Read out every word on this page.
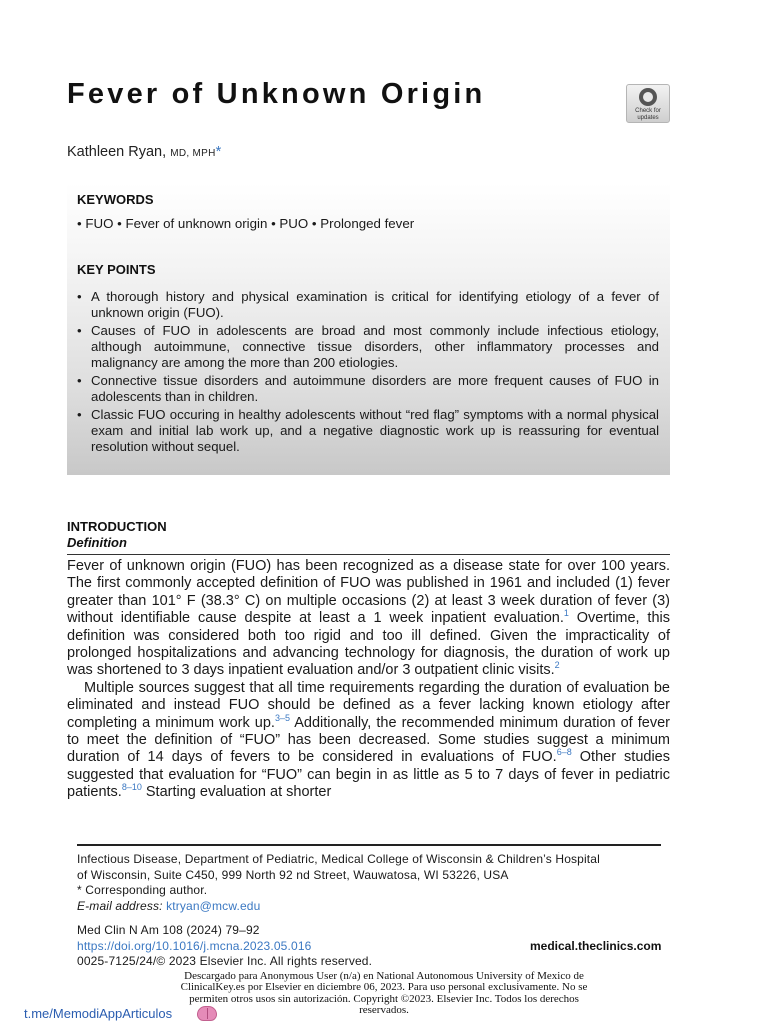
Fever of Unknown Origin
Check for
updates
Kathleen Ryan, MD, MPH*
KEYWORDS
• FUO • Fever of unknown origin • PUO • Prolonged fever
KEY POINTS
• A thorough history and physical examination is critical for identifying etiology of a fever of unknown origin (FUO).
• Causes of FUO in adolescents are broad and most commonly include infectious etiology, although autoimmune, connective tissue disorders, other inflammatory processes and malignancy are among the more than 200 etiologies.
• Connective tissue disorders and autoimmune disorders are more frequent causes of FUO in adolescents than in children.
• Classic FUO occuring in healthy adolescents without “red flag” symptoms with a normal physical exam and initial lab work up, and a negative diagnostic work up is reassuring for eventual resolution without sequel.
INTRODUCTION
Definition

Fever of unknown origin (FUO) has been recognized as a disease state for over 100 years. The first commonly accepted definition of FUO was published in 1961 and included (1) fever greater than 101° F (38.3° C) on multiple occasions (2) at least 3 week duration of fever (3) without identifiable cause despite at least a 1 week inpatient evaluation.$^1$ Overtime, this definition was considered both too rigid and too ill defined. Given the impracticality of prolonged hospitalizations and advancing technology for diagnosis, the duration of work up was shortened to 3 days inpatient evaluation and/or 3 outpatient clinic visits.$^2$

Multiple sources suggest that all time requirements regarding the duration of evaluation be eliminated and instead FUO should be defined as a fever lacking known etiology after completing a minimum work up.$^{3-5}$ Additionally, the recommended minimum duration of fever to meet the definition of “FUO” has been decreased. Some studies suggest a minimum duration of 14 days of fevers to be considered in evaluations of FUO.$^{6-8}$ Other studies suggested that evaluation for “FUO” can begin in as little as 5 to 7 days of fever in pediatric patients.$^{8-10}$ Starting evaluation at shorter

Infectious Disease, Department of Pediatric, Medical College of Wisconsin & Children’s Hospital
of Wisconsin, Suite C450, 999 North 92 nd Street, Wauwatosa, WI 53226, USA
* Corresponding author.
E-mail address: ktryan@mcw.edu
Med Clin N Am 108 (2024) 79–92
https://doi.org/10.1016/j.mcna.2023.05.016
0025-7125/24/© 2023 Elsevier Inc. All rights reserved.
medical.theclinics.com
Descargado para Anonymous User (n/a) en National Autonomous University of Mexico de
ClinicalKey.es por Elsevier en diciembre 06, 2023. Para uso personal exclusivamente. No se
permiten otros usos sin autorización. Copyright ©2023. Elsevier Inc. Todos los derechos
reservados.
t.me/MemodiAppArticulos
